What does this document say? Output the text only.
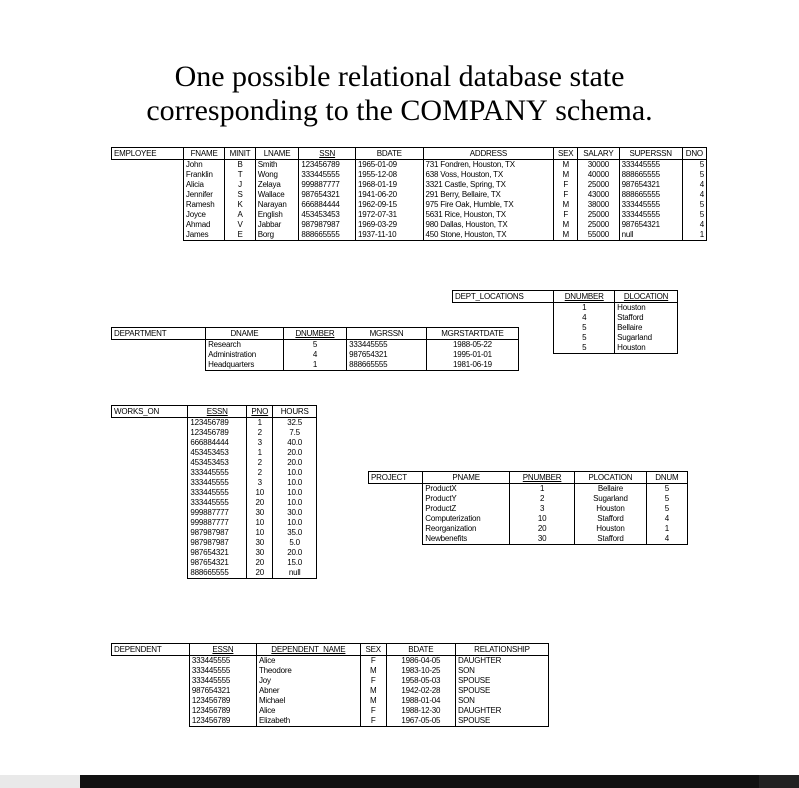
One possible relational database state
corresponding to the COMPANY schema.
EMPLOYEE	FNAME	MINIT	LNAME	SSN	BDATE	ADDRESS	SEX	SALARY	SUPERSSN	DNO
	John	B	Smith	123456789	1965-01-09	731 Fondren, Houston, TX	M	30000	333445555	5
	Franklin	T	Wong	333445555	1955-12-08	638 Voss, Houston, TX	M	40000	888665555	5
	Alicia	J	Zelaya	999887777	1968-01-19	3321 Castle, Spring, TX	F	25000	987654321	4
	Jennifer	S	Wallace	987654321	1941-06-20	291 Berry, Bellaire, TX	F	43000	888665555	4
	Ramesh	K	Narayan	666884444	1962-09-15	975 Fire Oak, Humble, TX	M	38000	333445555	5
	Joyce	A	English	453453453	1972-07-31	5631 Rice, Houston, TX	F	25000	333445555	5
	Ahmad	V	Jabbar	987987987	1969-03-29	980 Dallas, Houston, TX	M	25000	987654321	4
	James	E	Borg	888665555	1937-11-10	450 Stone, Houston, TX	M	55000	null	1
DEPT_LOCATIONS	DNUMBER	DLOCATION
	1	Houston
	4	Stafford
	5	Bellaire
	5	Sugarland
	5	Houston
DEPARTMENT	DNAME	DNUMBER	MGRSSN	MGRSTARTDATE
	Research	5	333445555	1988-05-22
	Administration	4	987654321	1995-01-01
	Headquarters	1	888665555	1981-06-19
WORKS_ON	ESSN	PNO	HOURS
	123456789	1	32.5
	123456789	2	7.5
	666884444	3	40.0
	453453453	1	20.0
	453453453	2	20.0
	333445555	2	10.0
	333445555	3	10.0
	333445555	10	10.0
	333445555	20	10.0
	999887777	30	30.0
	999887777	10	10.0
	987987987	10	35.0
	987987987	30	5.0
	987654321	30	20.0
	987654321	20	15.0
	888665555	20	null
PROJECT	PNAME	PNUMBER	PLOCATION	DNUM
	ProductX	1	Bellaire	5
	ProductY	2	Sugarland	5
	ProductZ	3	Houston	5
	Computerization	10	Stafford	4
	Reorganization	20	Houston	1
	Newbenefits	30	Stafford	4
DEPENDENT	ESSN	DEPENDENT_NAME	SEX	BDATE	RELATIONSHIP
	333445555	Alice	F	1986-04-05	DAUGHTER
	333445555	Theodore	M	1983-10-25	SON
	333445555	Joy	F	1958-05-03	SPOUSE
	987654321	Abner	M	1942-02-28	SPOUSE
	123456789	Michael	M	1988-01-04	SON
	123456789	Alice	F	1988-12-30	DAUGHTER
	123456789	Elizabeth	F	1967-05-05	SPOUSE
